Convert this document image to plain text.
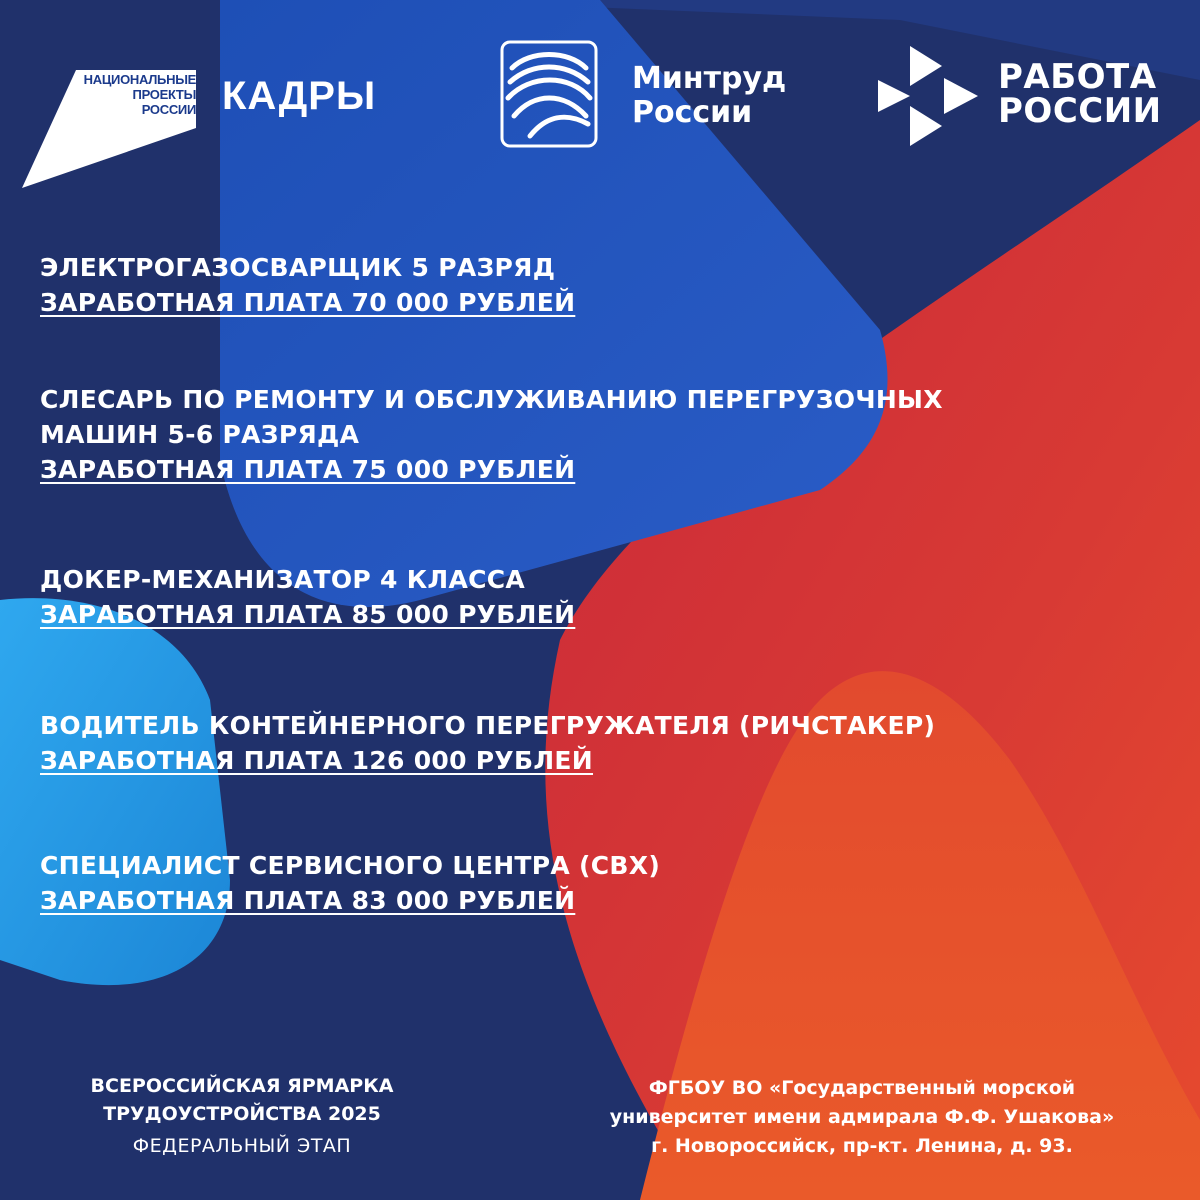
НАЦИОНАЛЬНЫЕ
ПРОЕКТЫ
РОССИИ КАДРЫ	Минтруд
России
РАБОТА
РОССИИ
ЭЛЕКТРОГАЗОСВАРЩИК 5 РАЗРЯД
ЗАРАБОТНАЯ ПЛАТА 70 000 РУБЛЕЙ
СЛЕСАРЬ ПО РЕМОНТУ И ОБСЛУЖИВАНИЮ ПЕРЕГРУЗОЧНЫХ
МАШИН 5-6 РАЗРЯДА
ЗАРАБОТНАЯ ПЛАТА 75 000 РУБЛЕЙ
ДОКЕР-МЕХАНИЗАТОР 4 КЛАССА
ЗАРАБОТНАЯ ПЛАТА 85 000 РУБЛЕЙ
ВОДИТЕЛЬ КОНТЕЙНЕРНОГО ПЕРЕГРУЖАТЕЛЯ (РИЧСТАКЕР)
ЗАРАБОТНАЯ ПЛАТА 126 000 РУБЛЕЙ
СПЕЦИАЛИСТ СЕРВИСНОГО ЦЕНТРА (СВХ)
ЗАРАБОТНАЯ ПЛАТА 83 000 РУБЛЕЙ
ВСЕРОССИЙСКАЯ ЯРМАРКА
ТРУДОУСТРОЙСТВА 2025
ФЕДЕРАЛЬНЫЙ ЭТАП
ФГБОУ ВО «Государственный морской
университет имени адмирала Ф.Ф. Ушакова»
г. Новороссийск, пр-кт. Ленина, д. 93.
